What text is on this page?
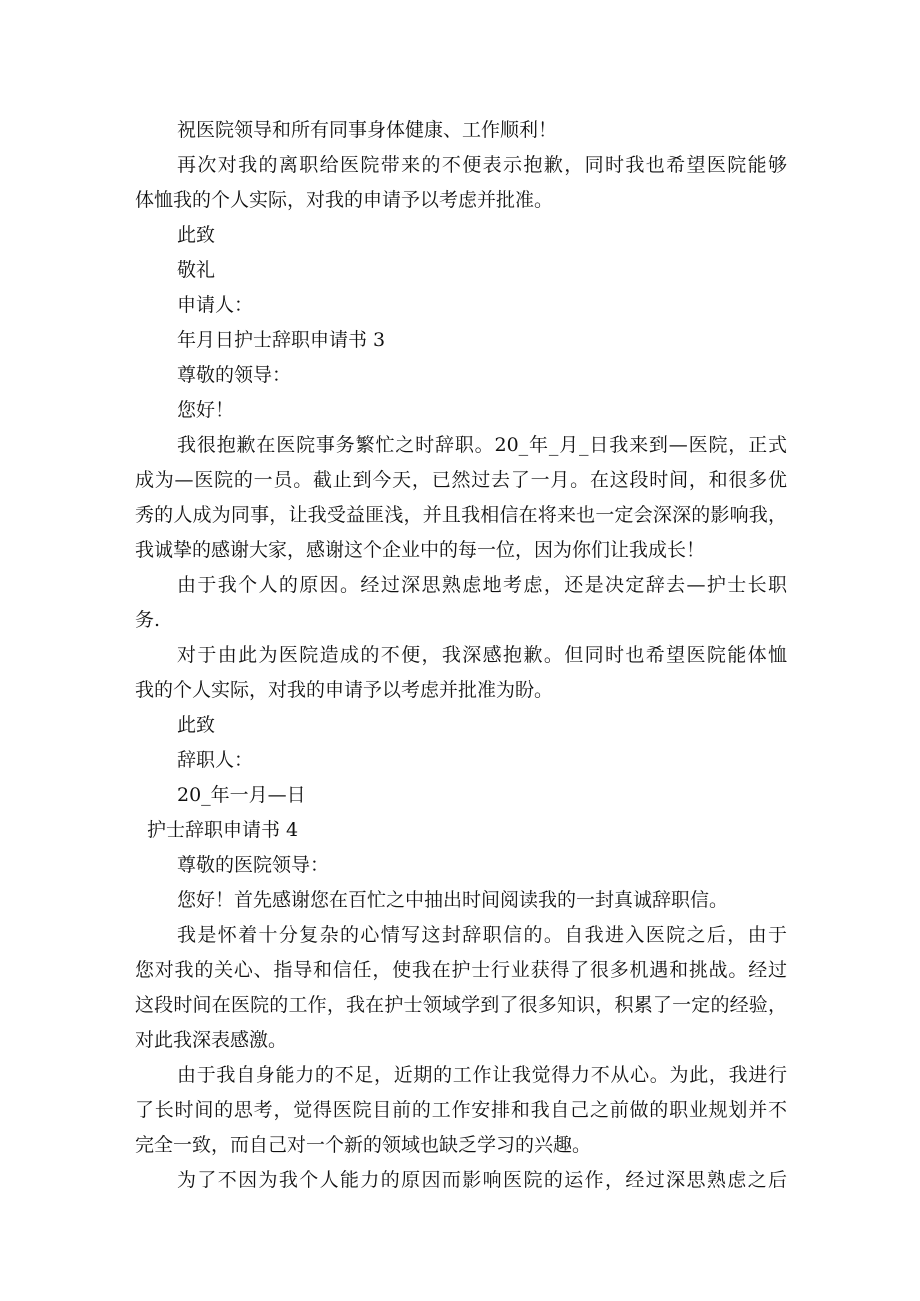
祝医院领导和所有同事身体健康、工作顺利！
再次对我的离职给医院带来的不便表示抱歉，同时我也希望医院能够
体恤我的个人实际，对我的申请予以考虑并批准。
此致
敬礼
申请人：
年月日护士辞职申请书 3
尊敬的领导：
您好！
我很抱歉在医院事务繁忙之时辞职。20_年_月_日我来到—医院，正式
成为—医院的一员。截止到今天，已然过去了一月。在这段时间，和很多优
秀的人成为同事，让我受益匪浅，并且我相信在将来也一定会深深的影响我，
我诚挚的感谢大家，感谢这个企业中的每一位，因为你们让我成长！
由于我个人的原因。经过深思熟虑地考虑，还是决定辞去—护士长职
务.
对于由此为医院造成的不便，我深感抱歉。但同时也希望医院能体恤
我的个人实际，对我的申请予以考虑并批准为盼。
此致
辞职人：
20_年一月—日
护士辞职申请书 4
尊敬的医院领导：
您好！首先感谢您在百忙之中抽出时间阅读我的一封真诚辞职信。
我是怀着十分复杂的心情写这封辞职信的。自我进入医院之后，由于
您对我的关心、指导和信任，使我在护士行业获得了很多机遇和挑战。经过
这段时间在医院的工作，我在护士领域学到了很多知识，积累了一定的经验，
对此我深表感激。
由于我自身能力的不足，近期的工作让我觉得力不从心。为此，我进行
了长时间的思考，觉得医院目前的工作安排和我自己之前做的职业规划并不
完全一致，而自己对一个新的领域也缺乏学习的兴趣。
为了不因为我个人能力的原因而影响医院的运作，经过深思熟虑之后
